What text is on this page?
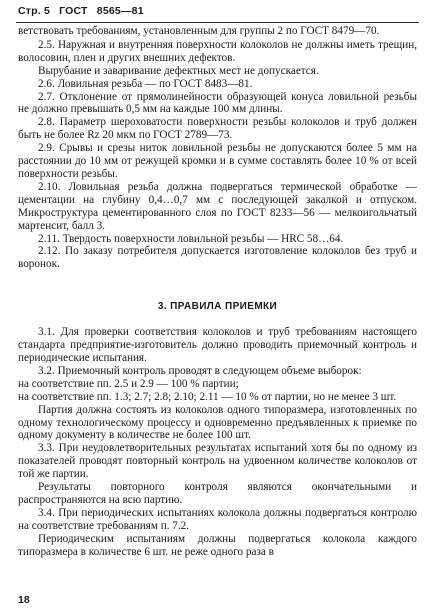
Стр. 5 ГОСТ 8565—81

ветствовать требованиям, установленным для группы 2 по ГОСТ 8479—70.

2.5. Наружная и внутренняя поверхности колоколов не должны иметь трещин, волосовин, плен и других внешних дефектов.

Вырубание и заваривание дефектных мест не допускается.

2.6. Ловильная резьба — по ГОСТ 8483—81.

2.7. Отклонение от прямолинейности образующей конуса ловильной резьбы не должно превышать 0,5 мм на каждые 100 мм длины.

2.8. Параметр шероховатости поверхности резьбы колоколов и труб должен быть не более Rz 20 мкм по ГОСТ 2789—73.

2.9. Срывы и срезы ниток ловильной резьбы не допускаются более 5 мм на расстоянии до 10 мм от режущей кромки и в сумме составлять более 10 % от всей поверхности резьбы.

2.10. Ловильная резьба должна подвергаться термической обработке — цементации на глубину 0,4…0,7 мм с последующей закалкой и отпуском. Микроструктура цементированного слоя по ГОСТ 8233—56 — мелкоигольчатый мартенсит, балл 3.

2.11. Твердость поверхности ловильной резьбы — HRC 58…64.

2.12. По заказу потребителя допускается изготовление колоколов без труб и воронок.

3. ПРАВИЛА ПРИЕМКИ

3.1. Для проверки соответствия колоколов и труб требованиям настоящего стандарта предприятие-изготовитель должно проводить приемочный контроль и периодические испытания.

3.2. Приемочный контроль проводят в следующем объеме выборок:

на соответствие пп. 2.5 и 2.9 — 100 % партии;

на соответствие пп. 1.3; 2.7; 2.8; 2.10; 2.11 — 10 % от партии, но не менее 3 шт.

Партия должна состоять из колоколов одного типоразмера, изготовленных по одному технологическому процессу и одновременно предъявленных к приемке по одному документу в количестве не более 100 шт.

3.3. При неудовлетворительных результатах испытаний хотя бы по одному из показателей проводят повторный контроль на удвоенном количестве колоколов от той же партии.

Результаты повторного контроля являются окончательными и распространяются на всю партию.

3.4. При периодических испытаниях колокола должны подвергаться контролю на соответствие требованиям п. 7.2.

Периодическим испытаниям должны подвергаться колокола каждого типоразмера в количестве 6 шт. не реже одного раза в

18
